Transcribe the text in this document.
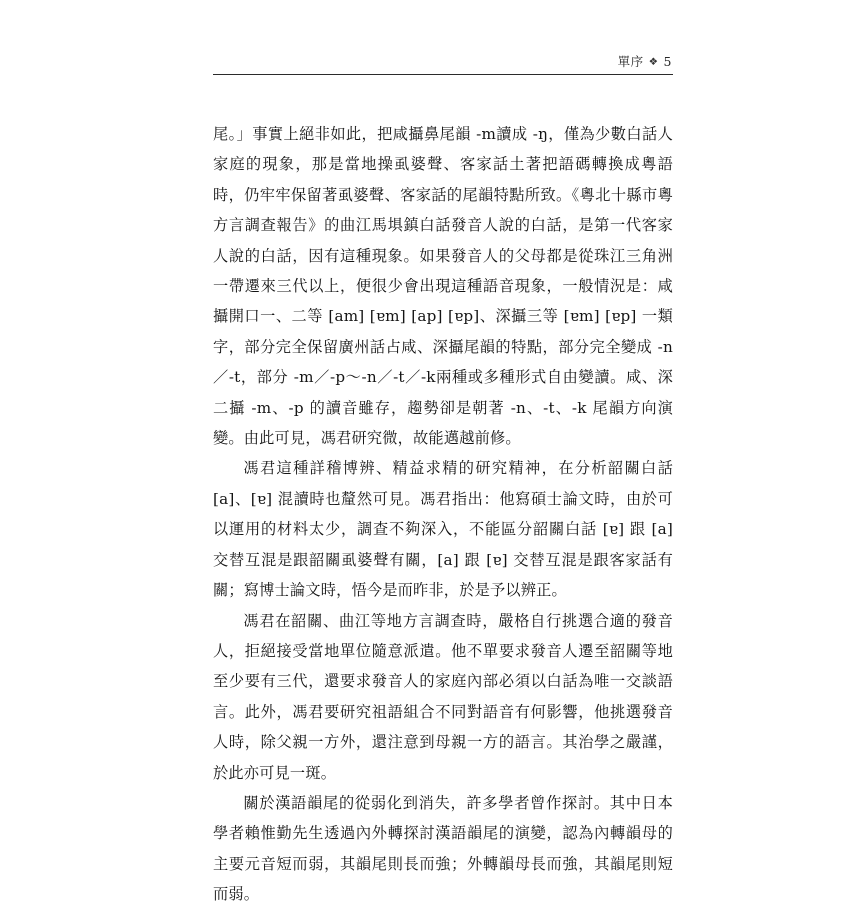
單序 ❖ 5

尾。」事實上絕非如此，把咸攝鼻尾韻 -m讀成 -ŋ，僅為少數白話人家庭的現象，那是當地操虱婆聲、客家話土著把語碼轉換成粵語時，仍牢牢保留著虱婆聲、客家話的尾韻特點所致。《粵北十縣市粵方言調查報告》的曲江馬埧鎮白話發音人說的白話，是第一代客家人說的白話，因有這種現象。如果發音人的父母都是從珠江三角洲一帶遷來三代以上，便很少會出現這種語音現象，一般情況是：咸攝開口一、二等 [am] [ɐm] [ap] [ɐp]、深攝三等 [ɐm] [ɐp] 一類字，部分完全保留廣州話占咸、深攝尾韻的特點，部分完全變成 -n／-t，部分 -m／-p～-n／-t／-k兩種或多種形式自由變讀。咸、深二攝 -m、-p 的讀音雖存，趨勢卻是朝著 -n、-t、-k 尾韻方向演變。由此可見，馮君研究微，故能邁越前修。

馮君這種詳稽博辨、精益求精的研究精神，在分析韶關白話 [a]、[ɐ] 混讀時也釐然可見。馮君指出：他寫碩士論文時，由於可以運用的材料太少，調查不夠深入，不能區分韶關白話 [ɐ] 跟 [a] 交替互混是跟韶關虱婆聲有關，[a] 跟 [ɐ] 交替互混是跟客家話有關；寫博士論文時，悟今是而昨非，於是予以辨正。

馮君在韶關、曲江等地方言調查時，嚴格自行挑選合適的發音人，拒絕接受當地單位隨意派遣。他不單要求發音人遷至韶關等地至少要有三代，還要求發音人的家庭內部必須以白話為唯一交談語言。此外，馮君要研究祖語組合不同對語音有何影響，他挑選發音人時，除父親一方外，還注意到母親一方的語言。其治學之嚴謹，於此亦可見一斑。

關於漢語韻尾的從弱化到消失，許多學者曾作探討。其中日本學者賴惟勤先生透過內外轉探討漢語韻尾的演變，認為內轉韻母的主要元音短而弱，其韻尾則長而強；外轉韻母長而強，其韻尾則短而弱。
